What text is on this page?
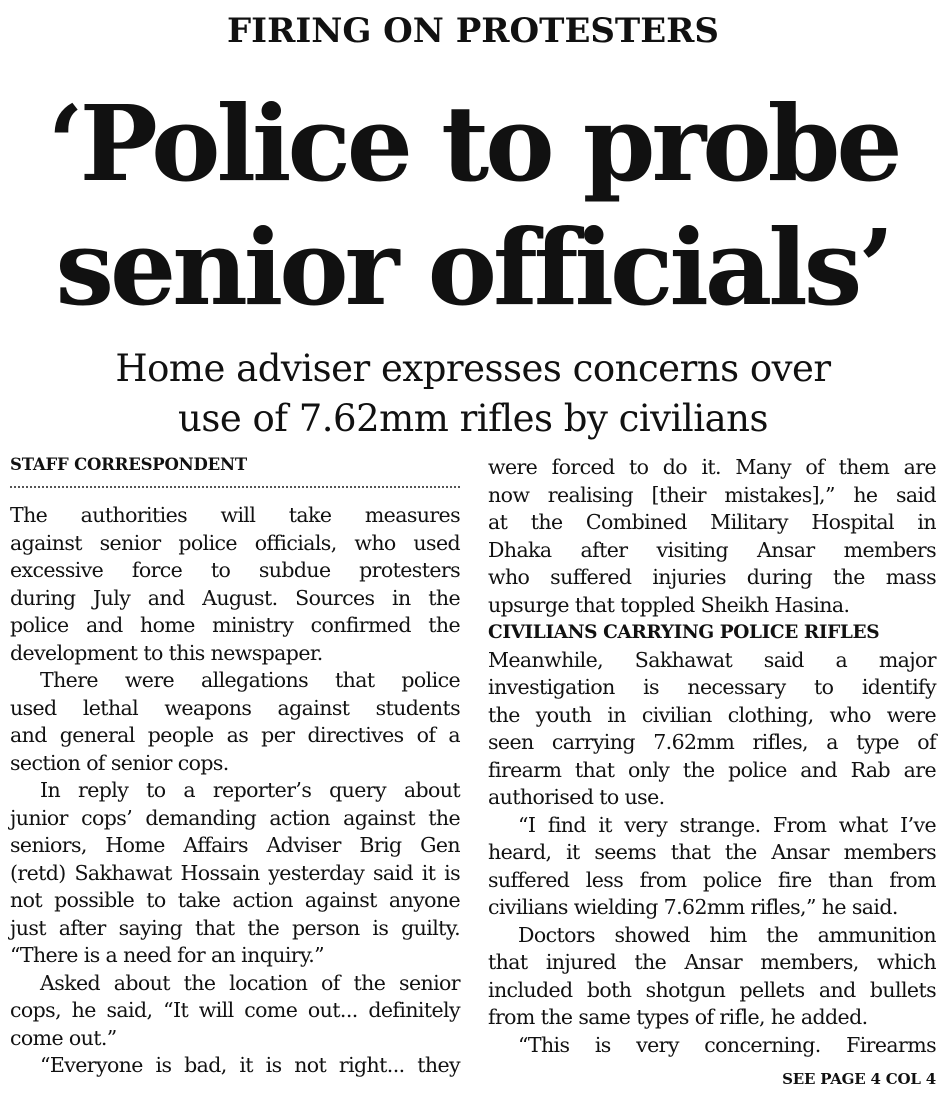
FIRING ON PROTESTERS
‘Police to probe
senior officials’
Home adviser expresses concerns over
use of 7.62mm rifles by civilians
STAFF CORRESPONDENT
The authorities will take measures
against senior police officials, who used
excessive force to subdue protesters
during July and August. Sources in the
police and home ministry confirmed the
development to this newspaper.
There were allegations that police
used lethal weapons against students
and general people as per directives of a
section of senior cops.
In reply to a reporter’s query about
junior cops’ demanding action against the
seniors, Home Affairs Adviser Brig Gen
(retd) Sakhawat Hossain yesterday said it is
not possible to take action against anyone
just after saying that the person is guilty.
“There is a need for an inquiry.”
Asked about the location of the senior
cops, he said, “It will come out... definitely
come out.”
“Everyone is bad, it is not right... they
were forced to do it. Many of them are
now realising [their mistakes],” he said
at the Combined Military Hospital in
Dhaka after visiting Ansar members
who suffered injuries during the mass
upsurge that toppled Sheikh Hasina.
CIVILIANS CARRYING POLICE RIFLES
Meanwhile, Sakhawat said a major
investigation is necessary to identify
the youth in civilian clothing, who were
seen carrying 7.62mm rifles, a type of
firearm that only the police and Rab are
authorised to use.
“I find it very strange. From what I’ve
heard, it seems that the Ansar members
suffered less from police fire than from
civilians wielding 7.62mm rifles,” he said.
Doctors showed him the ammunition
that injured the Ansar members, which
included both shotgun pellets and bullets
from the same types of rifle, he added.
“This is very concerning. Firearms
SEE PAGE 4 COL 4
